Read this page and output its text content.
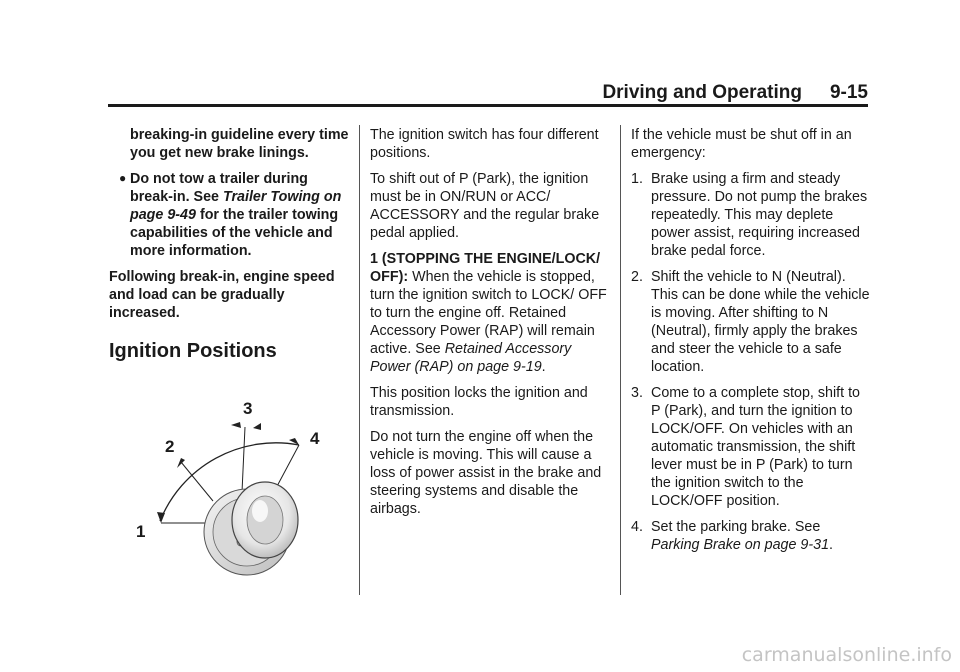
Driving and Operating 9-15

breaking-in guideline every time you get new brake linings.

● Do not tow a trailer during break-in. See Trailer Towing on page 9-49 for the trailer towing capabilities of the vehicle and more information.

Following break-in, engine speed and load can be gradually increased.

Ignition Positions
1
2
3
4

The ignition switch has four different positions.

To shift out of P (Park), the ignition must be in ON/RUN or ACC/ ACCESSORY and the regular brake pedal applied.

1 (STOPPING THE ENGINE/LOCK/ OFF): When the vehicle is stopped, turn the ignition switch to LOCK/ OFF to turn the engine off. Retained Accessory Power (RAP) will remain active. See Retained Accessory Power (RAP) on page 9-19.

This position locks the ignition and transmission.

Do not turn the engine off when the vehicle is moving. This will cause a loss of power assist in the brake and steering systems and disable the airbags.

If the vehicle must be shut off in an emergency:

1. Brake using a firm and steady pressure. Do not pump the brakes repeatedly. This may deplete power assist, requiring increased brake pedal force.
2. Shift the vehicle to N (Neutral). This can be done while the vehicle is moving. After shifting to N (Neutral), firmly apply the brakes and steer the vehicle to a safe location.
3. Come to a complete stop, shift to P (Park), and turn the ignition to LOCK/OFF. On vehicles with an automatic transmission, the shift lever must be in P (Park) to turn the ignition switch to the LOCK/OFF position.
4. Set the parking brake. See Parking Brake on page 9-31.
carmanualsonline.info
